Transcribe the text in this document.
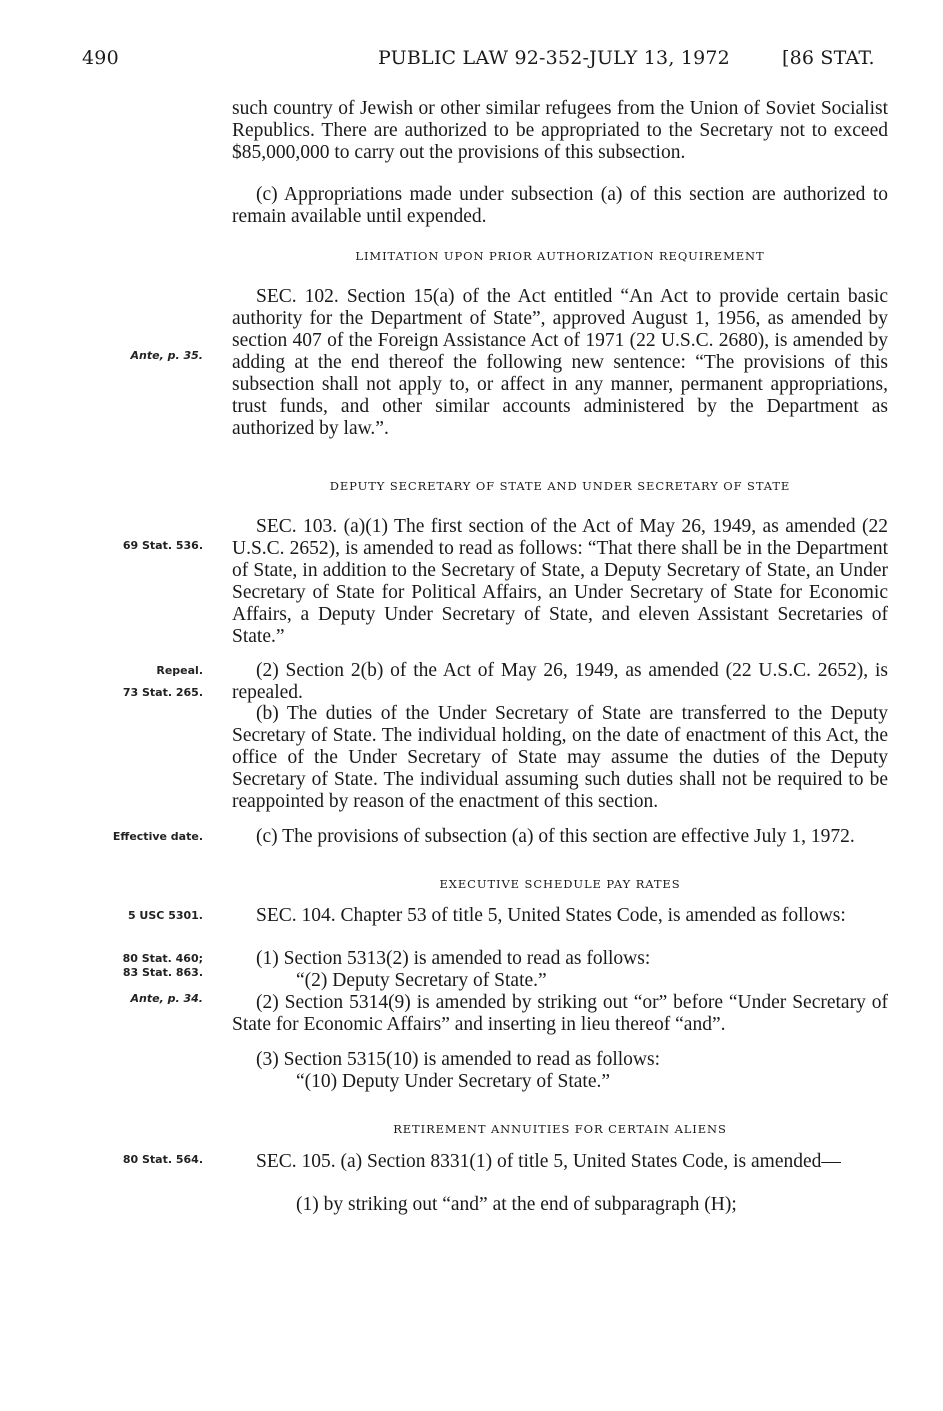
490	PUBLIC LAW 92-352-JULY 13, 1972	[86 STAT.
Ante, p. 35.
69 Stat. 536.
Repeal.
73 Stat. 265.
Effective date.
5 USC 5301.
80 Stat. 460;
83 Stat. 863.
Ante, p. 34.
80 Stat. 564.

such country of Jewish or other similar refugees from the Union of Soviet Socialist Republics. There are authorized to be appropriated to the Secretary not to exceed $85,000,000 to carry out the provisions of this subsection.

(c) Appropriations made under subsection (a) of this section are authorized to remain available until expended.

LIMITATION UPON PRIOR AUTHORIZATION REQUIREMENT

SEC. 102. Section 15(a) of the Act entitled “An Act to provide certain basic authority for the Department of State”, approved August 1, 1956, as amended by section 407 of the Foreign Assistance Act of 1971 (22 U.S.C. 2680), is amended by adding at the end thereof the following new sentence: “The provisions of this subsection shall not apply to, or affect in any manner, permanent appropriations, trust funds, and other similar accounts administered by the Department as authorized by law.”.

DEPUTY SECRETARY OF STATE AND UNDER SECRETARY OF STATE

SEC. 103. (a)(1) The first section of the Act of May 26, 1949, as amended (22 U.S.C. 2652), is amended to read as follows: “That there shall be in the Department of State, in addition to the Secretary of State, a Deputy Secretary of State, an Under Secretary of State for Political Affairs, an Under Secretary of State for Economic Affairs, a Deputy Under Secretary of State, and eleven Assistant Secretaries of State.”

(2) Section 2(b) of the Act of May 26, 1949, as amended (22 U.S.C. 2652), is repealed.

(b) The duties of the Under Secretary of State are transferred to the Deputy Secretary of State. The individual holding, on the date of enactment of this Act, the office of the Under Secretary of State may assume the duties of the Deputy Secretary of State. The individual assuming such duties shall not be required to be reappointed by reason of the enactment of this section.

(c) The provisions of subsection (a) of this section are effective July 1, 1972.

EXECUTIVE SCHEDULE PAY RATES

SEC. 104. Chapter 53 of title 5, United States Code, is amended as follows:

(1) Section 5313(2) is amended to read as follows:

“(2) Deputy Secretary of State.”

(2) Section 5314(9) is amended by striking out “or” before “Under Secretary of State for Economic Affairs” and inserting in lieu thereof “and”.

(3) Section 5315(10) is amended to read as follows:

“(10) Deputy Under Secretary of State.”

RETIREMENT ANNUITIES FOR CERTAIN ALIENS

SEC. 105. (a) Section 8331(1) of title 5, United States Code, is amended—

(1) by striking out “and” at the end of subparagraph (H);
